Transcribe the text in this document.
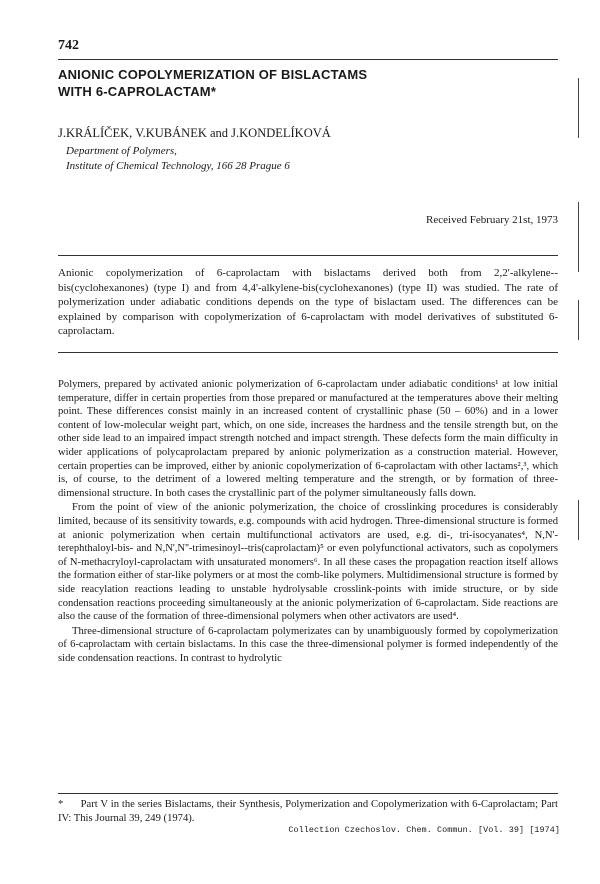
742
ANIONIC COPOLYMERIZATION OF BISLACTAMS
WITH 6-CAPROLACTAM*
J.KRÁLÍČEK, V.KUBÁNEK and J.KONDELÍKOVÁ
Department of Polymers,
Institute of Chemical Technology, 166 28 Prague 6
Received February 21st, 1973

Anionic copolymerization of 6-caprolactam with bislactams derived both from 2,2'-alkylene--bis(cyclohexanones) (type I) and from 4,4'-alkylene-bis(cyclohexanones) (type II) was studied. The rate of polymerization under adiabatic conditions depends on the type of bislactam used. The differences can be explained by comparison with copolymerization of 6-caprolactam with model derivatives of substituted 6-caprolactam.

Polymers, prepared by activated anionic polymerization of 6-caprolactam under adiabatic conditions¹ at low initial temperature, differ in certain properties from those prepared or manufactured at the temperatures above their melting point. These differences consist mainly in an increased content of crystallinic phase (50 – 60%) and in a lower content of low-molecular weight part, which, on one side, increases the hardness and the tensile strength but, on the other side lead to an impaired impact strength notched and impact strength. These defects form the main difficulty in wider applications of polycaprolactam prepared by anionic polymerization as a construction material. However, certain properties can be improved, either by anionic copolymerization of 6-caprolactam with other lactams²,³, which is, of course, to the detriment of a lowered melting temperature and the strength, or by formation of three-dimensional structure. In both cases the crystallinic part of the polymer simultaneously falls down.

From the point of view of the anionic polymerization, the choice of crosslinking procedures is considerably limited, because of its sensitivity towards, e.g. compounds with acid hydrogen. Three-dimensional structure is formed at anionic polymerization when certain multifunctional activators are used, e.g. di-, tri-isocyanates⁴, N,N'-terephthaloyl-bis- and N,N',N''-trimesinoyl--tris(caprolactam)⁵ or even polyfunctional activators, such as copolymers of N-methacryloyl-caprolactam with unsaturated monomers⁶. In all these cases the propagation reaction itself allows the formation either of star-like polymers or at most the comb-like polymers. Multidimensional structure is formed by side reacylation reactions leading to unstable hydrolysable crosslink-points with imide structure, or by side condensation reactions proceeding simultaneously at the anionic polymerization of 6-caprolactam. Side reactions are also the cause of the formation of three-dimensional polymers when other activators are used⁴.

Three-dimensional structure of 6-caprolactam polymerizates can by unambiguously formed by copolymerization of 6-caprolactam with certain bislactams. In this case the three-dimensional polymer is formed independently of the side condensation reactions. In contrast to hydrolytic

*      Part V in the series Bislactams, their Synthesis, Polymerization and Copolymerization with 6-Caprolactam; Part IV: This Journal 39, 249 (1974).

Collection Czechoslov. Chem. Commun. [Vol. 39] [1974]
